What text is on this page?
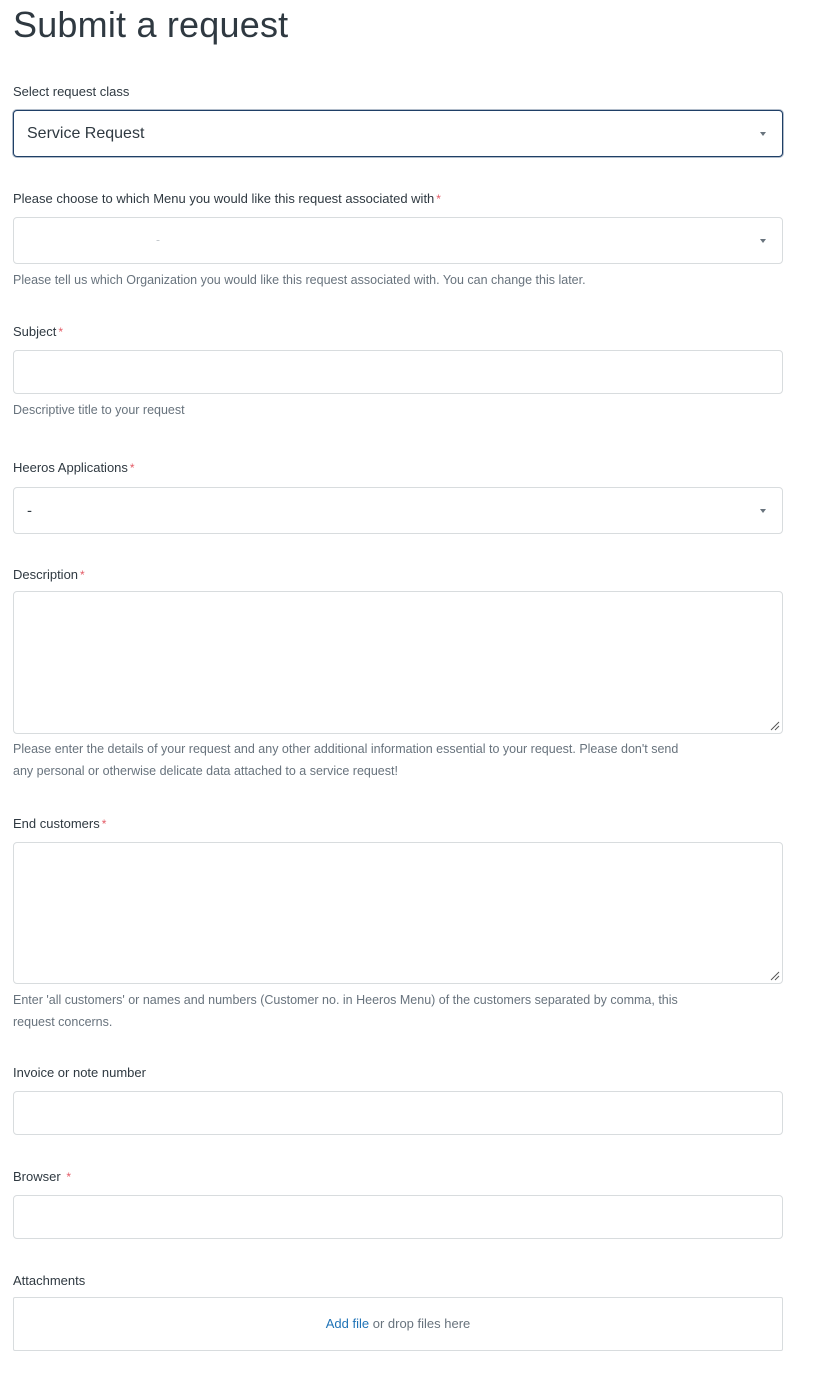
Submit a request
Select request class
Service Request
Please choose to which Menu you would like this request associated with *
-
Please tell us which Organization you would like this request associated with. You can change this later.
Subject *
Descriptive title to your request
Heeros Applications *
-
Description *
Please enter the details of your request and any other additional information essential to your request. Please don't send
any personal or otherwise delicate data attached to a service request!
End customers *
Enter 'all customers' or names and numbers (Customer no. in Heeros Menu) of the customers separated by comma, this
request concerns.
Invoice or note number
Browser *
Attachments
Add file or drop files here
